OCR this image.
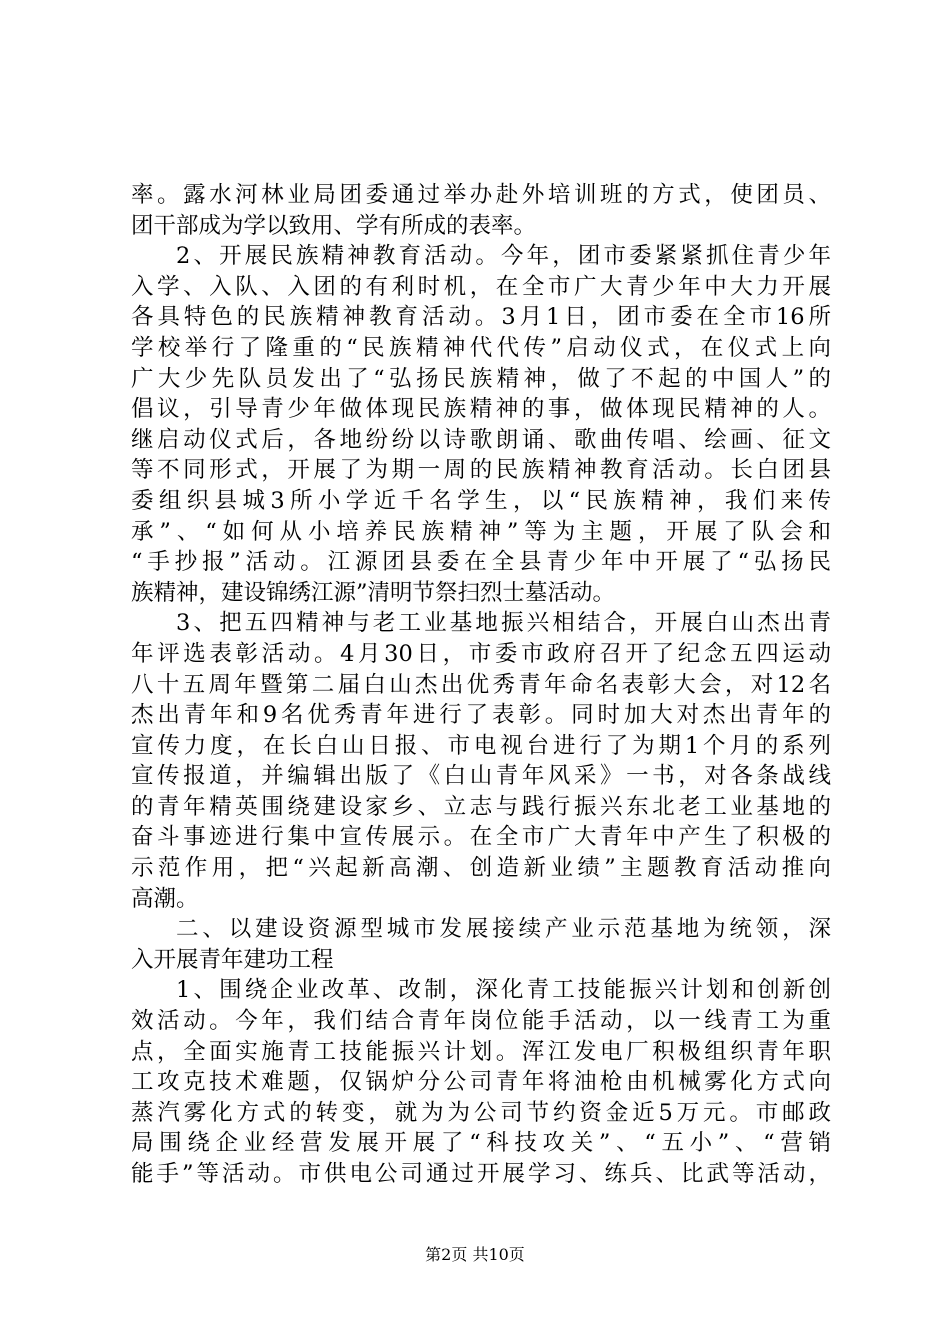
率。露水河林业局团委通过举办赴外培训班的方式，使团员、
团干部成为学以致用、学有所成的表率。
2、开展民族精神教育活动。今年，团市委紧紧抓住青少年
入学、入队、入团的有利时机，在全市广大青少年中大力开展
各具特色的民族精神教育活动。3月1日，团市委在全市16所
学校举行了隆重的“民族精神代代传”启动仪式，在仪式上向
广大少先队员发出了“弘扬民族精神，做了不起的中国人”的
倡议，引导青少年做体现民族精神的事，做体现民精神的人。
继启动仪式后，各地纷纷以诗歌朗诵、歌曲传唱、绘画、征文
等不同形式，开展了为期一周的民族精神教育活动。长白团县
委组织县城3所小学近千名学生，以“民族精神，我们来传
承”、“如何从小培养民族精神”等为主题，开展了队会和
“手抄报”活动。江源团县委在全县青少年中开展了“弘扬民
族精神，建设锦绣江源”清明节祭扫烈士墓活动。
3、把五四精神与老工业基地振兴相结合，开展白山杰出青
年评选表彰活动。4月30日，市委市政府召开了纪念五四运动
八十五周年暨第二届白山杰出优秀青年命名表彰大会，对12名
杰出青年和9名优秀青年进行了表彰。同时加大对杰出青年的
宣传力度，在长白山日报、市电视台进行了为期1个月的系列
宣传报道，并编辑出版了《白山青年风采》一书，对各条战线
的青年精英围绕建设家乡、立志与践行振兴东北老工业基地的
奋斗事迹进行集中宣传展示。在全市广大青年中产生了积极的
示范作用，把“兴起新高潮、创造新业绩”主题教育活动推向
高潮。
二、以建设资源型城市发展接续产业示范基地为统领，深
入开展青年建功工程
1、围绕企业改革、改制，深化青工技能振兴计划和创新创
效活动。今年，我们结合青年岗位能手活动，以一线青工为重
点，全面实施青工技能振兴计划。浑江发电厂积极组织青年职
工攻克技术难题，仅锅炉分公司青年将油枪由机械雾化方式向
蒸汽雾化方式的转变，就为为公司节约资金近5万元。市邮政
局围绕企业经营发展开展了“科技攻关”、“五小”、“营销
能手”等活动。市供电公司通过开展学习、练兵、比武等活动，
第2页 共10页
